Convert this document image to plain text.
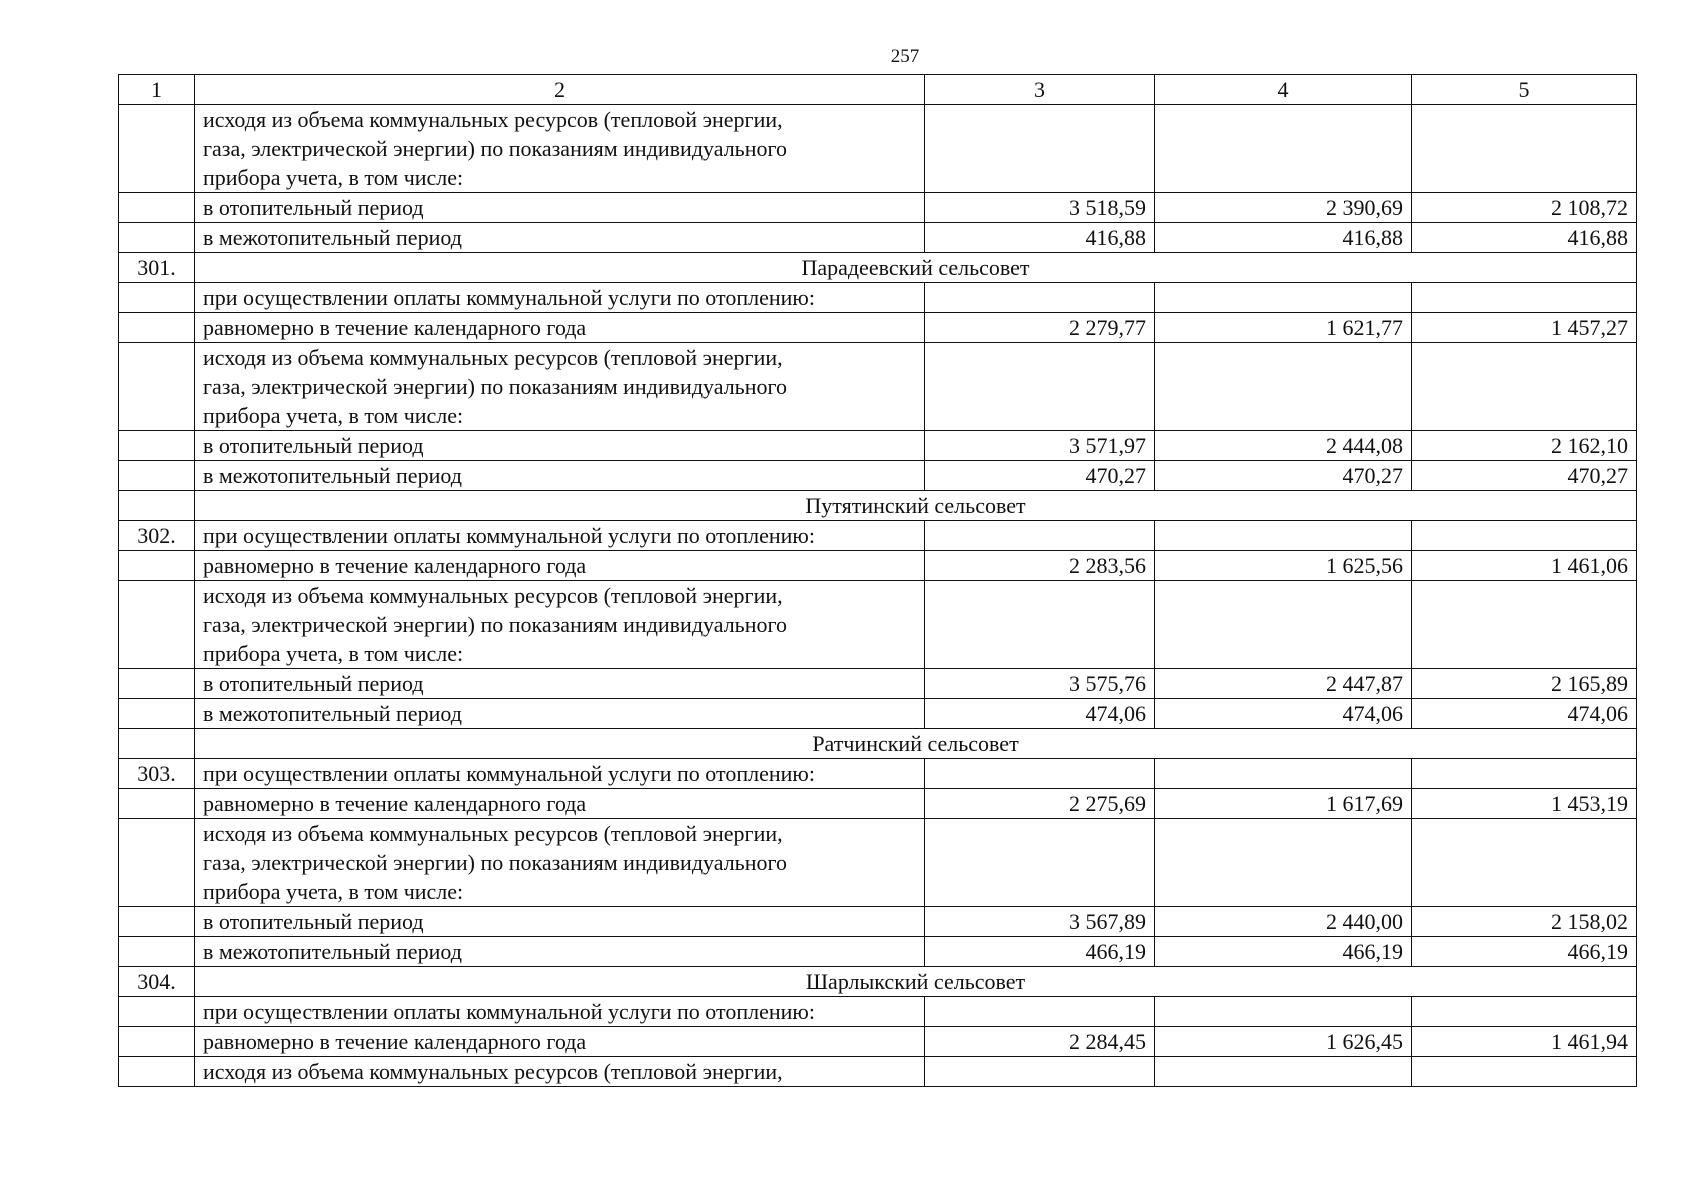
257
1	2	3	4	5
	исходя из объема коммунальных ресурсов (тепловой энергии,
газа, электрической энергии) по показаниям индивидуального
прибора учета, в том числе:			
	в отопительный период	3 518,59	2 390,69	2 108,72
	в межотопительный период	416,88	416,88	416,88
301.	Парадеевский сельсовет			
	при осуществлении оплаты коммунальной услуги по отоплению:			
	равномерно в течение календарного года	2 279,77	1 621,77	1 457,27
	исходя из объема коммунальных ресурсов (тепловой энергии,
газа, электрической энергии) по показаниям индивидуального
прибора учета, в том числе:			
	в отопительный период	3 571,97	2 444,08	2 162,10
	в межотопительный период	470,27	470,27	470,27
	Путятинский сельсовет			
302.	при осуществлении оплаты коммунальной услуги по отоплению:			
	равномерно в течение календарного года	2 283,56	1 625,56	1 461,06
	исходя из объема коммунальных ресурсов (тепловой энергии,
газа, электрической энергии) по показаниям индивидуального
прибора учета, в том числе:			
	в отопительный период	3 575,76	2 447,87	2 165,89
	в межотопительный период	474,06	474,06	474,06
	Ратчинский сельсовет			
303.	при осуществлении оплаты коммунальной услуги по отоплению:			
	равномерно в течение календарного года	2 275,69	1 617,69	1 453,19
	исходя из объема коммунальных ресурсов (тепловой энергии,
газа, электрической энергии) по показаниям индивидуального
прибора учета, в том числе:			
	в отопительный период	3 567,89	2 440,00	2 158,02
	в межотопительный период	466,19	466,19	466,19
304.	Шарлыкский сельсовет			
	при осуществлении оплаты коммунальной услуги по отоплению:			
	равномерно в течение календарного года	2 284,45	1 626,45	1 461,94
	исходя из объема коммунальных ресурсов (тепловой энергии,			
